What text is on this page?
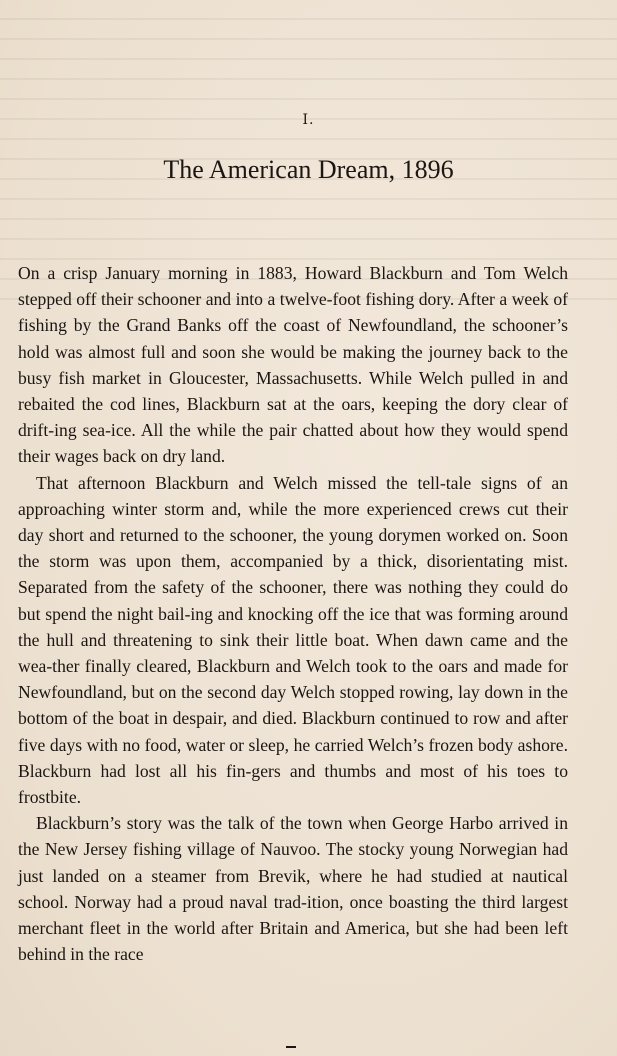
I.
The American Dream, 1896

On a crisp January morning in 1883, Howard Blackburn and Tom Welch stepped off their schooner and into a twelve-foot fishing dory. After a week of fishing by the Grand Banks off the coast of Newfoundland, the schooner’s hold was almost full and soon she would be making the journey back to the busy fish market in Gloucester, Massachusetts. While Welch pulled in and rebaited the cod lines, Blackburn sat at the oars, keeping the dory clear of drift-ing sea-ice. All the while the pair chatted about how they would spend their wages back on dry land.

That afternoon Blackburn and Welch missed the tell-tale signs of an approaching winter storm and, while the more experienced crews cut their day short and returned to the schooner, the young dorymen worked on. Soon the storm was upon them, accompanied by a thick, disorientating mist. Separated from the safety of the schooner, there was nothing they could do but spend the night bail-ing and knocking off the ice that was forming around the hull and threatening to sink their little boat. When dawn came and the wea-ther finally cleared, Blackburn and Welch took to the oars and made for Newfoundland, but on the second day Welch stopped rowing, lay down in the bottom of the boat in despair, and died. Blackburn continued to row and after five days with no food, water or sleep, he carried Welch’s frozen body ashore. Blackburn had lost all his fin-gers and thumbs and most of his toes to frostbite.

Blackburn’s story was the talk of the town when George Harbo arrived in the New Jersey fishing village of Nauvoo. The stocky young Norwegian had just landed on a steamer from Brevik, where he had studied at nautical school. Norway had a proud naval trad-ition, once boasting the third largest merchant fleet in the world after Britain and America, but she had been left behind in the race
